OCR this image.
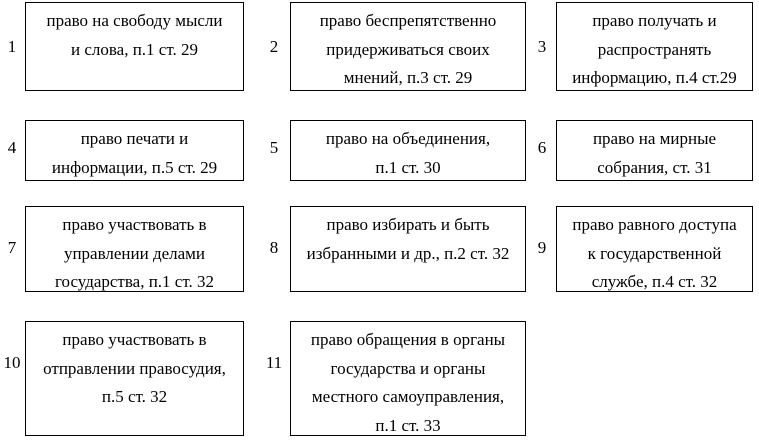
1
право на свободу мысли
и слова, п.1 ст. 29	2
право беспрепятственно
придерживаться своих
мнений, п.3 ст. 29
3
право получать и
распространять
информацию, п.4 ст.29
4	право печати и
информации, п.5 ст. 29
5	право на объединения,
п.1 ст. 30
6	право на мирные
собрания, ст. 31
7
право участвовать в
управлении делами
государства, п.1 ст. 32
8
право избирать и быть
избранными и др., п.2 ст. 32	9
право равного доступа
к государственной
службе, п.4 ст. 32
10
право участвовать в
отправлении правосудия,
п.5 ст. 32
11
право обращения в органы
государства и органы
местного самоуправления,
п.1 ст. 33
